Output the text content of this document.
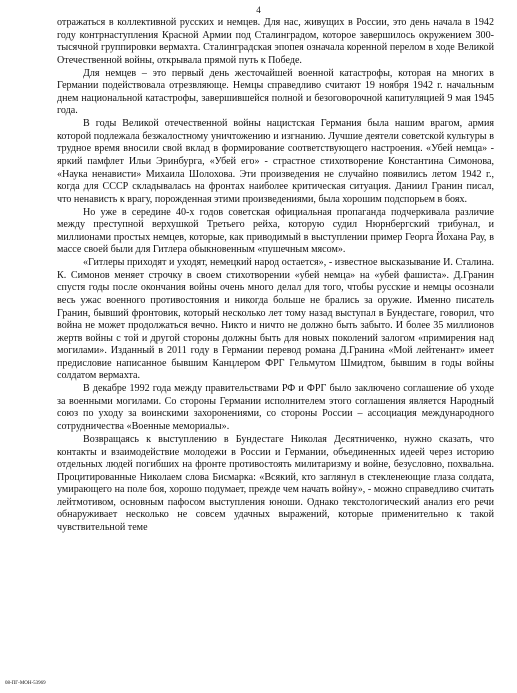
4

отражаться в коллективной русских и немцев. Для нас, живущих в России, это день начала в 1942 году контрнаступления Красной Армии под Сталинградом, которое завершилось окружением 300-тысячной группировки вермахта. Сталинградская эпопея означала коренной перелом в ходе Великой Отечественной войны, открывала прямой путь к Победе.

Для немцев – это первый день жесточайшей военной катастрофы, которая на многих в Германии подействовала отрезвляюще. Немцы справедливо считают 19 ноября 1942 г. начальным днем национальной катастрофы, завершившейся полной и безоговорочной капитуляцией 9 мая 1945 года.

В годы Великой отечественной войны нацистская Германия была нашим врагом, армия которой подлежала безжалостному уничтожению и изгнанию. Лучшие деятели советской культуры в трудное время вносили свой вклад в формирование соответствующего настроения. «Убей немца» - яркий памфлет Ильи Эринбурга, «Убей его» - страстное стихотворение Константина Симонова, «Наука ненависти» Михаила Шолохова. Эти произведения не случайно появились летом 1942 г., когда для СССР складывалась на фронтах наиболее критическая ситуация. Даниил Гранин писал, что ненависть к врагу, порожденная этими произведениями, была хорошим подспорьем в боях.

Но уже в середине 40-х годов советская официальная пропаганда подчеркивала различие между преступной верхушкой Третьего рейха, которую судил Нюрнбергский трибунал, и миллионами простых немцев, которые, как приводимый в выступлении пример Георга Йохана Рау, в массе своей были для Гитлера обыкновенным «пушечным мясом».

«Гитлеры приходят и уходят, немецкий народ остается», - известное высказывание И. Сталина. К. Симонов меняет строчку в своем стихотворении «убей немца» на «убей фашиста». Д.Гранин спустя годы после окончания войны очень много делал для того, чтобы русские и немцы осознали весь ужас военного противостояния и никогда больше не брались за оружие. Именно писатель Гранин, бывший фронтовик, который несколько лет тому назад выступал в Бундестаге, говорил, что война не может продолжаться вечно. Никто и ничто не должно быть забыто. И более 35 миллионов жертв войны с той и другой стороны должны быть для новых поколений залогом «примирения над могилами». Изданный в 2011 году в Германии перевод романа Д.Гранина «Мой лейтенант» имеет предисловие написанное бывшим Канцлером ФРГ Гельмутом Шмидтом, бывшим в годы войны солдатом вермахта.

В декабре 1992 года между правительствами РФ и ФРГ было заключено соглашение об уходе за военными могилами. Со стороны Германии исполнителем этого соглашения является Народный союз по уходу за воинскими захоронениями, со стороны России – ассоциация международного сотрудничества «Военные мемориалы».

Возвращаясь к выступлению в Бундестаге Николая Десятниченко, нужно сказать, что контакты и взаимодействие молодежи в России и Германии, объединенных идеей через историю отдельных людей погибших на фронте противостоять милитаризму и войне, безусловно, похвальна. Процитированные Николаем слова Бисмарка: «Всякий, кто заглянул в стекленеющие глаза солдата, умирающего на поле боя, хорошо подумает, прежде чем начать войну», - можно справедливо считать лейтмотивом, основным пафосом выступления юноши. Однако текстологический анализ его речи обнаруживает несколько не совсем удачных выражений, которые применительно к такой чувствительной теме

08-ПГ-МОН-53969
